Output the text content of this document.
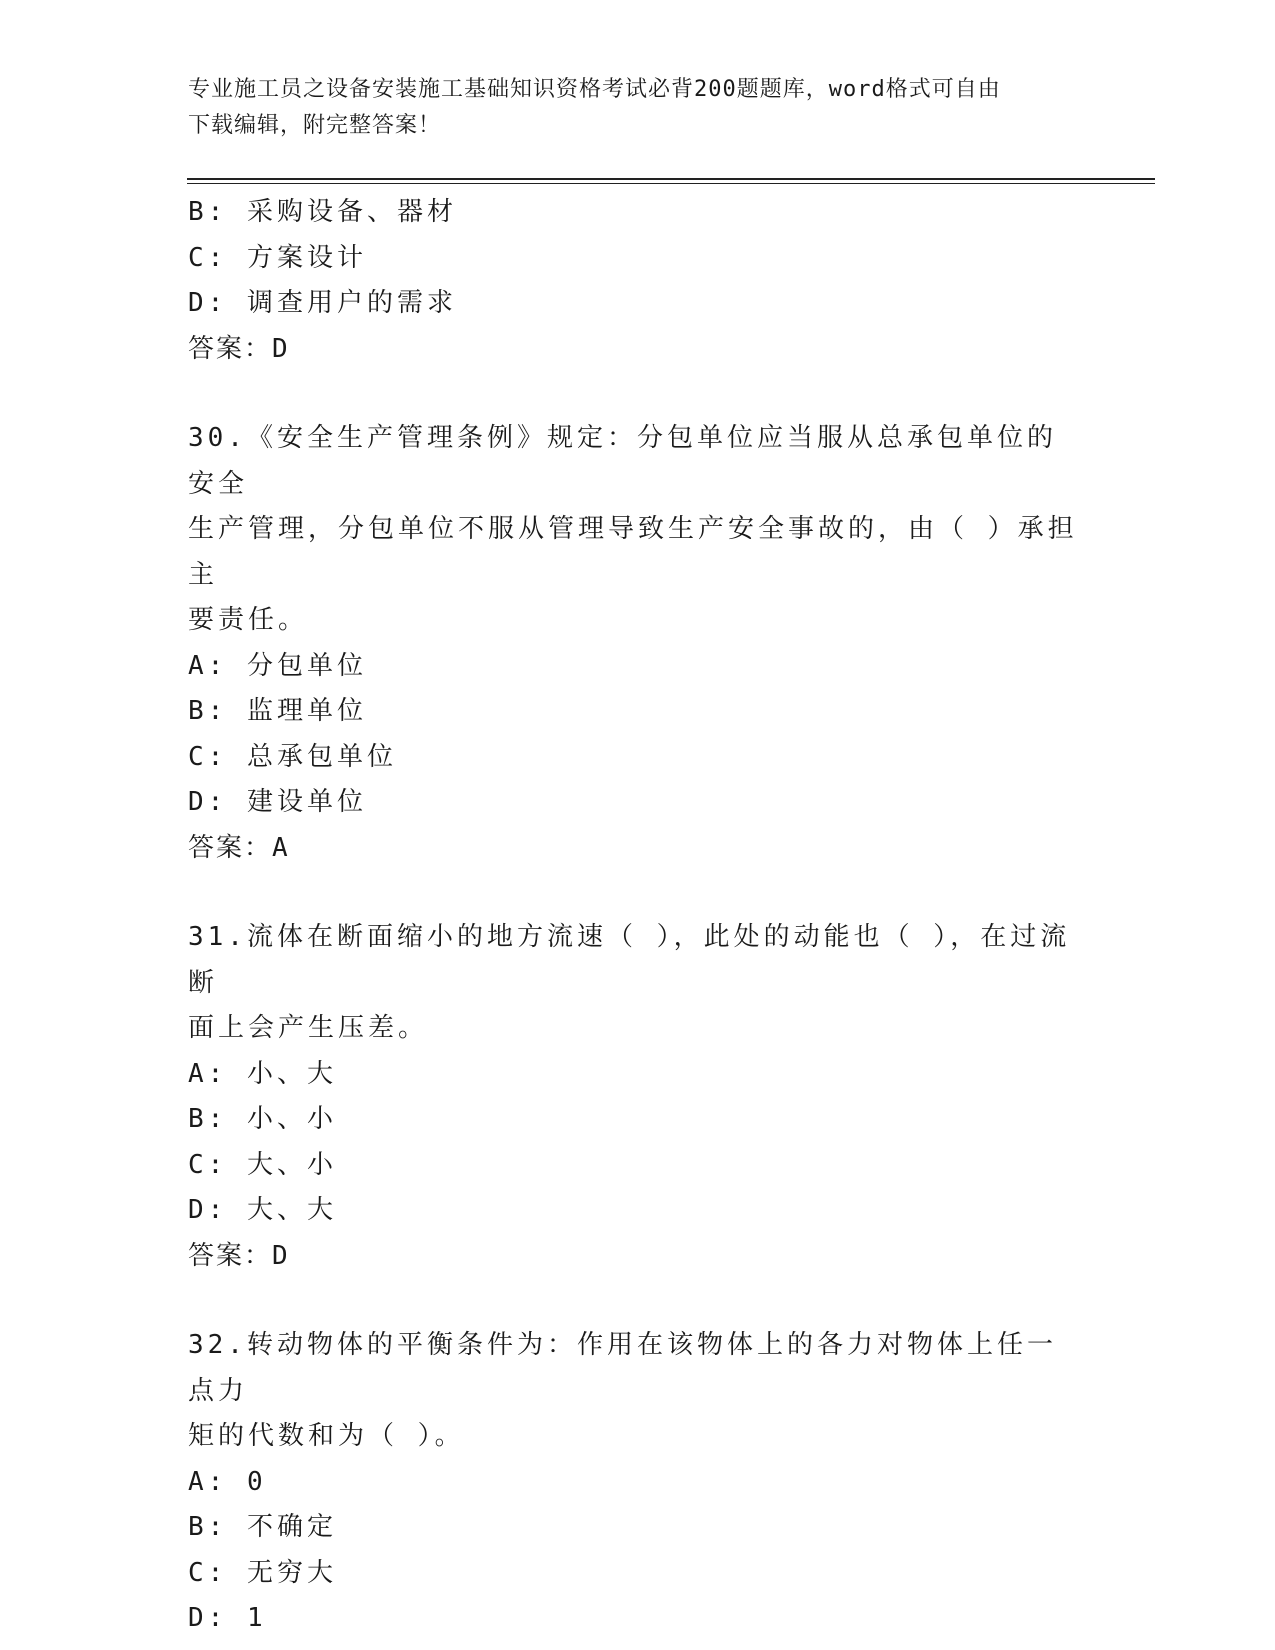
专业施工员之设备安装施工基础知识资格考试必背200题题库，word格式可自由
下载编辑，附完整答案！
B: 采购设备、器材
C: 方案设计
D: 调查用户的需求
答案：D
30.《安全生产管理条例》规定：分包单位应当服从总承包单位的安全
生产管理，分包单位不服从管理导致生产安全事故的，由（ ）承担主
要责任。
A: 分包单位
B: 监理单位
C: 总承包单位
D: 建设单位
答案：A
31.流体在断面缩小的地方流速（ ），此处的动能也（ ），在过流断
面上会产生压差。
A: 小、大
B: 小、小
C: 大、小
D: 大、大
答案：D
32.转动物体的平衡条件为：作用在该物体上的各力对物体上任一点力
矩的代数和为（ ）。
A: 0
B: 不确定
C: 无穷大
D: 1
